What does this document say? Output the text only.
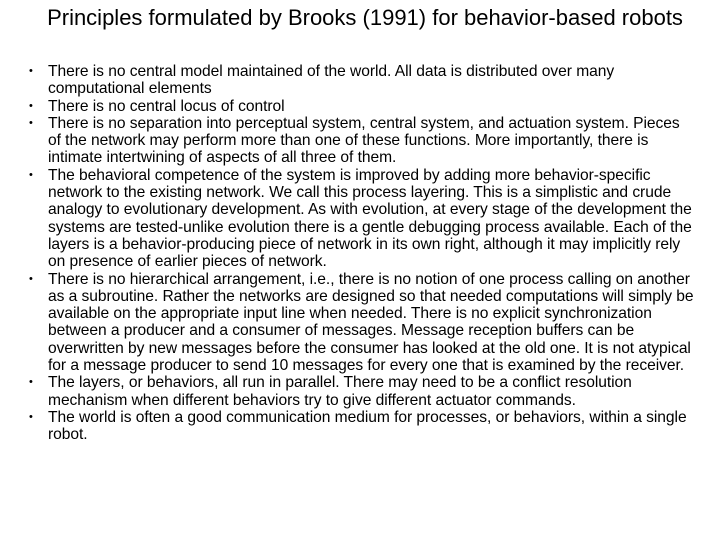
Principles formulated by Brooks (1991) for behavior-based robots
• There is no central model maintained of the world. All data is distributed over many computational elements
• There is no central locus of control
• There is no separation into perceptual system, central system, and actuation system. Pieces of the network may perform more than one of these functions. More importantly, there is intimate intertwining of aspects of all three of them.
• The behavioral competence of the system is improved by adding more behavior-specific network to the existing network. We call this process layering. This is a simplistic and crude analogy to evolutionary development. As with evolution, at every stage of the development the systems are tested-unlike evolution there is a gentle debugging process available. Each of the layers is a behavior-producing piece of network in its own right, although it may implicitly rely on presence of earlier pieces of network.
• There is no hierarchical arrangement, i.e., there is no notion of one process calling on another as a subroutine. Rather the networks are designed so that needed computations will simply be available on the appropriate input line when needed. There is no explicit synchronization between a producer and a consumer of messages. Message reception buffers can be overwritten by new messages before the consumer has looked at the old one. It is not atypical for a message producer to send 10 messages for every one that is examined by the receiver.
• The layers, or behaviors, all run in parallel. There may need to be a conflict resolution mechanism when different behaviors try to give different actuator commands.
• The world is often a good communication medium for processes, or behaviors, within a single robot.
